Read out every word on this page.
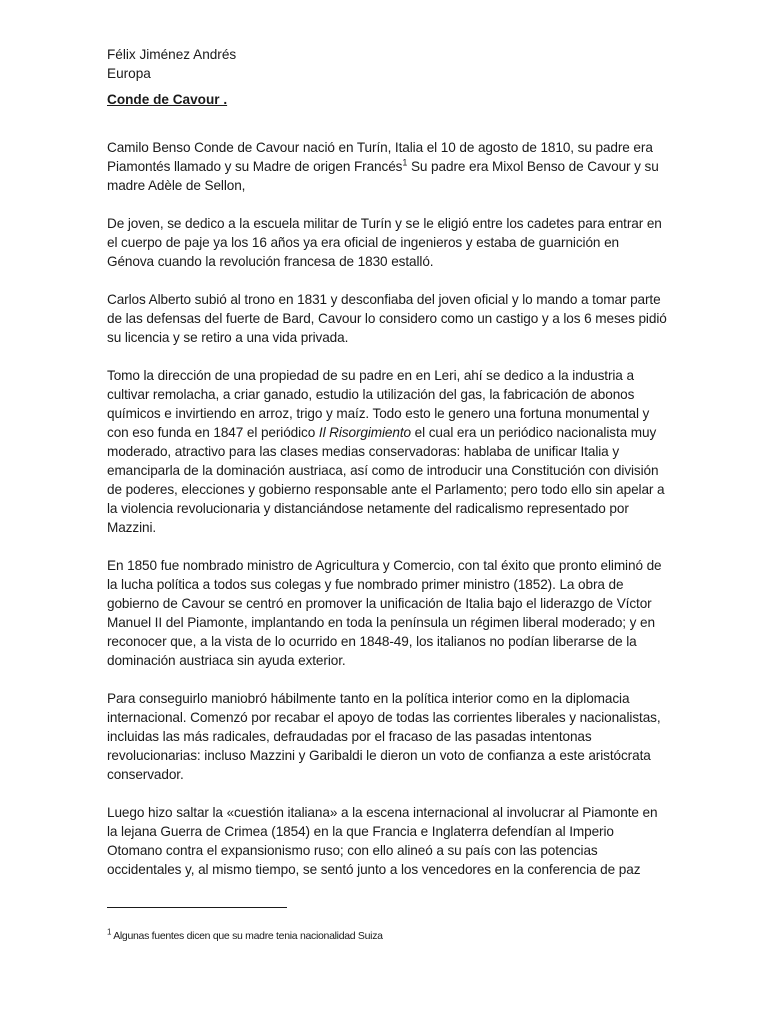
Félix Jiménez Andrés

Europa

Conde de Cavour .

Camilo Benso Conde de Cavour nació en Turín, Italia el 10 de agosto de 1810, su padre era Piamontés llamado y su Madre de origen Francés$^1$ Su padre era Mixol Benso de Cavour y su madre Adèle de Sellon,

De joven, se dedico a la escuela militar de Turín y se le eligió entre los cadetes para entrar en el cuerpo de paje ya los 16 años ya era oficial de ingenieros y estaba de guarnición en Génova cuando la revolución francesa de 1830 estalló.

Carlos Alberto subió al trono en 1831 y desconfiaba del joven oficial y lo mando a tomar parte de las defensas del fuerte de Bard, Cavour lo considero como un castigo y a los 6 meses pidió su licencia y se retiro a una vida privada.

Tomo la dirección de una propiedad de su padre en en Leri, ahí se dedico a la industria a cultivar remolacha, a criar ganado, estudio la utilización del gas, la fabricación de abonos químicos e invirtiendo en arroz, trigo y maíz. Todo esto le genero una fortuna monumental y con eso funda en 1847 el periódico Il Risorgimiento el cual era un periódico nacionalista muy moderado, atractivo para las clases medias conservadoras: hablaba de unificar Italia y emanciparla de la dominación austriaca, así como de introducir una Constitución con división de poderes, elecciones y gobierno responsable ante el Parlamento; pero todo ello sin apelar a la violencia revolucionaria y distanciándose netamente del radicalismo representado por Mazzini.

En 1850 fue nombrado ministro de Agricultura y Comercio, con tal éxito que pronto eliminó de la lucha política a todos sus colegas y fue nombrado primer ministro (1852). La obra de gobierno de Cavour se centró en promover la unificación de Italia bajo el liderazgo de Víctor Manuel II del Piamonte, implantando en toda la península un régimen liberal moderado; y en reconocer que, a la vista de lo ocurrido en 1848-49, los italianos no podían liberarse de la dominación austriaca sin ayuda exterior.

Para conseguirlo maniobró hábilmente tanto en la política interior como en la diplomacia internacional. Comenzó por recabar el apoyo de todas las corrientes liberales y nacionalistas, incluidas las más radicales, defraudadas por el fracaso de las pasadas intentonas revolucionarias: incluso Mazzini y Garibaldi le dieron un voto de confianza a este aristócrata conservador.

Luego hizo saltar la «cuestión italiana» a la escena internacional al involucrar al Piamonte en la lejana Guerra de Crimea (1854) en la que Francia e Inglaterra defendían al Imperio Otomano contra el expansionismo ruso; con ello alineó a su país con las potencias occidentales y, al mismo tiempo, se sentó junto a los vencedores en la conferencia de paz

$^1$ Algunas fuentes dicen que su madre tenia nacionalidad Suiza
